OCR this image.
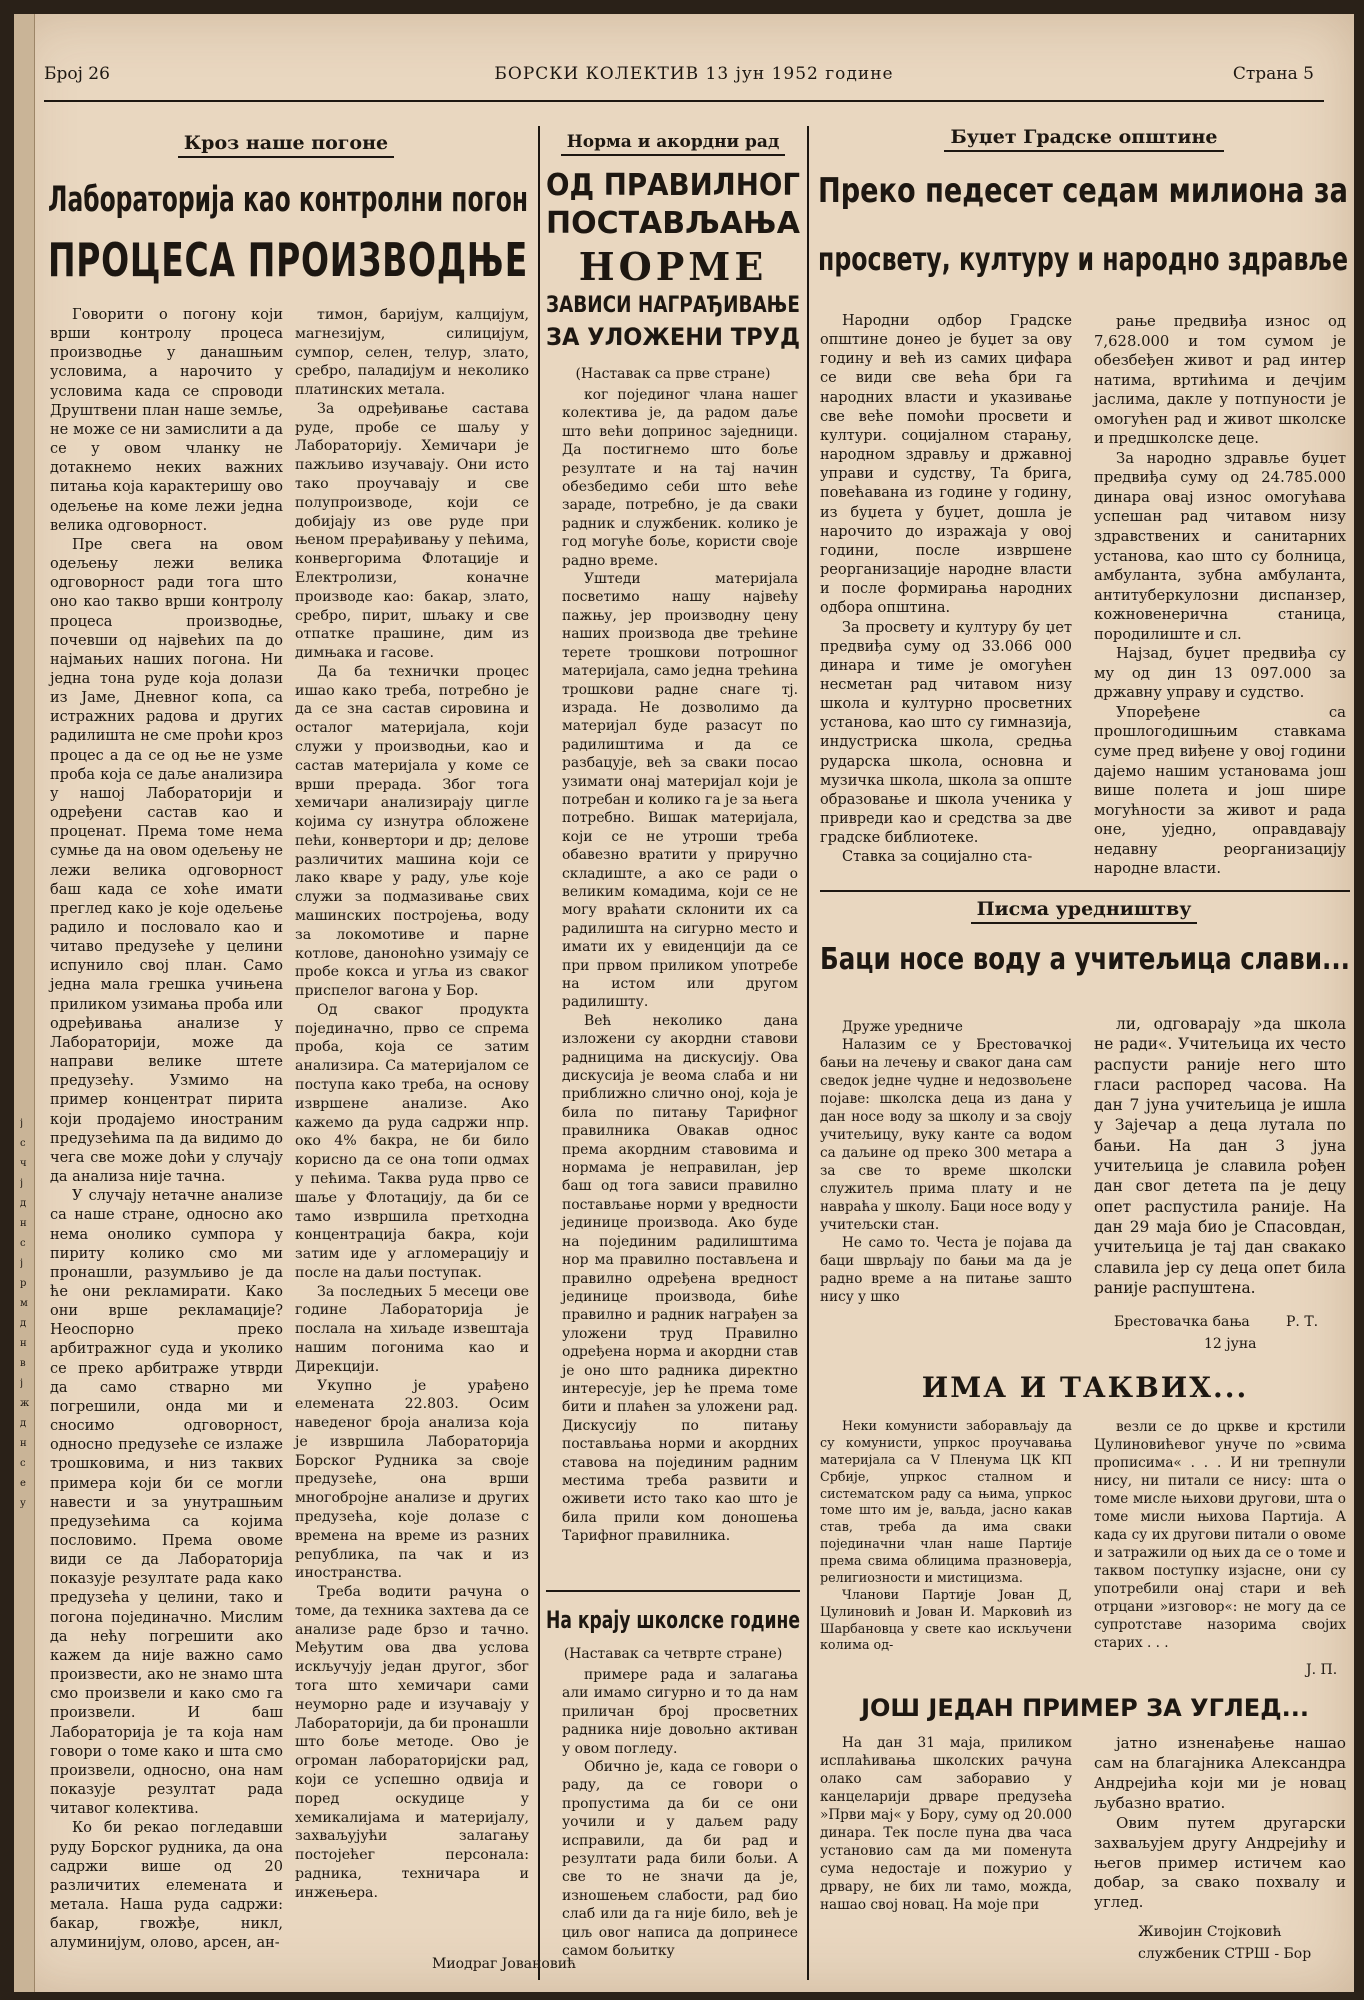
ј
с
ч
ј
д
н
с
ј
р
м
д
н
в
ј
ж
д
н
с
е
у
Број 26	БОРСКИ КОЛЕКТИВ 13 јун 1952 године	Страна 5
Кроз наше погоне
Лабораторија као контролни погон
ПРОЦЕСА ПРОИЗВОДЊЕ

Говорити о погону који врши контролу процеса производње у данашњим условима, а нарочито у условима када се спроводи Друштвени план наше земље, не може се ни замислити а да се у овом чланку не дотакнемо неких важних питања која карактеришу ово одељење на коме лежи једна велика одговорност.

Пре свега на овом одељењу лежи велика одговорност ради тога што оно као такво врши контролу процеса производње, почевши од највећих па до најмањих наших погона. Ни једна тона руде која долази из Јаме, Дневног копа, са истражних радова и других радилишта не сме проћи кроз процес а да се од ње не узме проба која се даље анализира у нашој Лабораторији и одређени састав као и проценат. Према томе нема сумње да на овом одељењу не лежи велика одговорност баш када се хоће имати преглед како је које одељење радило и пословало као и читаво предузеће у целини испунило свој план. Само једна мала грешка учињена приликом узимања проба или одређивања анализе у Лабораторији, може да направи велике штете предузећу. Узмимо на пример концентрат пирита који продајемо иностраним предузећима па да видимо до чега све може доћи у случају да анализа није тачна.

У случају нетачне анализе са наше стране, односно ако нема онолико сумпора у пириту колико смо ми пронашли, разумљиво је да ће они рекламирати. Како они врше рекламације? Неоспорно преко арбитражног суда и уколико се преко арбитраже утврди да само стварно ми погрешили, онда ми и сносимо одговорност, односно предузеће се излаже трошковима, и низ таквих примера који би се могли навести и за унутрашњим предузећима са којима пословимо. Према овоме види се да Лабораторија показује резултате рада како предузећа у целини, тако и погона појединачно. Мислим да нећу погрешити ако кажем да није важно само произвести, ако не знамо шта смо произвели и како смо га произвели. И баш Лабораторија је та која нам говори о томе како и шта смо произвели, односно, она нам показује резултат рада читавог колектива.

Ко би рекао погледавши руду Борског рудника, да она садржи више од 20 различитих елемената и метала. Наша руда садржи: бакар, гвожђе, никл, алуминијум, олово, арсен, ан-

тимон, баријум, калцијум, магнезијум, силицијум, сумпор, селен, телур, злато, сребро, паладијум и неколико платинских метала.

За одређивање састава руде, пробе се шаљу у Лабораторију. Хемичари је пажљиво изучавају. Они исто тако проучавају и све полупроизводе, који се добијају из ове руде при њеном прерађивању у пећима, конвергорима Флотације и Електролизи, коначне производе као: бакар, злато, сребро, пирит, шљаку и све отпатке прашине, дим из димњака и гасове.

Да ба технички процес ишао како треба, потребно је да се зна састав сировина и осталог материјала, који служи у производњи, као и састав материјала у коме се врши прерада. Због тога хемичари анализирају цигле којима су изнутра обложене пећи, конвертори и др; делове различитих машина који се лако кваре у раду, уље које служи за подмазивање свих машинских постројења, воду за локомотиве и парне котлове, даноноћно узимају се пробе кокса и угља из сваког приспелог вагона у Бор.

Од сваког продукта појединачно, прво се спрема проба, која се затим анализира. Са материјалом се поступа како треба, на основу извршене анализе. Ако кажемо да руда садржи нпр. око 4% бакра, не би било корисно да се она топи одмах у пећима. Таква руда прво се шаље у Флотацију, да би се тамо извршила претходна концентрација бакра, који затим иде у агломерацију и после на даљи поступак.

За последњих 5 месеци ове године Лабораторија је послала на хиљаде извештаја нашим погонима као и Дирекцији.

Укупно је урађено елемената 22.803. Осим наведеног броја анализа која је извршила Лабораторија Борског Рудника за своје предузеће, она врши многобројне анализе и других предузећа, које долазе с времена на време из разних република, па чак и из иностранства.

Треба водити рачуна о томе, да техника захтева да се анализе раде брзо и тачно. Међутим ова два услова искључују један другог, због тога што хемичари сами неуморно раде и изучавају у Лабораторији, да би пронашли што боље методе. Ово је огроман лабораторијски рад, који се успешно одвија и поред оскудице у хемикалијама и материјалу, захваљујући залагању постојећег персонала: радника, техничара и инжењера.

Миодраг Јовановић
Норма и акордни рад
ОД ПРАВИЛНОГ
ПОСТАВЉАЊА
НОРМЕ
ЗАВИСИ НАГРАЂИВАЊЕ
ЗА УЛОЖЕНИ ТРУД
(Наставак са прве стране)

ког појединог члана нашег колектива је, да радом даље што већи допринос заједници. Да постигнемо што боље резултате и на тај начин обезбедимо себи што веће зараде, потребно, је да сваки радник и службеник. колико је год могуће боље, користи своје радно време.

Уштеди материјала посветимо нашу највећу пажњу, јер производну цену наших производа две трећине терете трошкови потрошног материјала, само једна трећина трошкови радне снаге тј. израда. Не дозволимо да материјал буде разасут по радилиштима и да се разбацује, већ за сваки посао узимати онај материјал који је потребан и колико га је за њега потребно. Вишак материјала, који се не утроши треба обавезно вратити у приручно складиште, а ако се ради о великим комадима, који се не могу враћати склонити их са радилишта на сигурно место и имати их у евиденцији да се при првом приликом употребе на истом или другом радилишту.

Већ неколико дана изложени су акордни ставови радницима на дискусију. Ова дискусија је веома слаба и ни приближно слично оној, која је била по питању Тарифног правилника Овакав однос према акордним ставовима и нормама је неправилан, јер баш од тога зависи правилно постављање норми у вредности јединице производа. Ако буде на појединим радилиштима нор ма правилно постављена и правилно одређена вредност јединице производа, биће правилно и радник награђен за уложени труд Правилно одређена норма и акордни став је оно што радника директно интересује, јер ће према томе бити и плаћен за уложени рад. Дискусију по питању постављања норми и акордних ставова на појединим радним местима треба развити и оживети исто тако као што је била прили ком доношења Тарифног правилника.

На крају школске године
(Наставак са четврте стране)

примере рада и залагања али имамо сигурно и то да нам приличан број просветних радника није довољно активан у овом погледу.

Обично је, када се говори о раду, да се говори о пропустима да би се они уочили и у даљем раду исправили, да би рад и резултати рада били бољи. А све то не значи да је, изношењем слабости, рад био слаб или да га није било, већ је циљ овог написа да допринесе самом бољитку

Буџет Градске општине
Преко педесет седам милиона за
просвету, културу и народно здравље

Народни одбор Градске општине донео је буџет за ову годину и већ из самих цифара се види све већа бри га народних власти и указивање све веће помоћи просвети и култури. социјалном старању, народном здрављу и државној управи и судству, Та брига, повећавана из године у годину, из буџета у буџет, дошла је нарочито до изражаја у овој години, после извршене реорганизације народне власти и после формирања народних одбора општина.

За просвету и културу бу џет предвиђа суму од 33.066 000 динара и тиме је омогућен несметан рад читавом низу школа и културно просветних установа, као што су гимназија, индустриска школа, средња рударска школа, основна и музичка школа, школа за опште образовање и школа ученика у привреди као и средства за две градске библиотеке.

Ставка за социјално ста-

рање предвиђа износ од 7,628.000 и том сумом је обезбеђен живот и рад интер натима, вртићима и дечјим јаслима, дакле у потпуности је омогућен рад и живот школске и предшколске деце.

За народно здравље буџет предвиђа суму од 24.785.000 динара овај износ омогућава успешан рад читавом низу здравствених и санитарних установа, као што су болница, амбуланта, зубна амбуланта, антитуберкулозни диспанзер, кожновенерична станица, породилиште и сл.

Најзад, буџет предвиђа су му од дин 13 097.000 за државну управу и судство.

Упоређене са прошлогодишњим ставкама суме пред виђене у овој години дајемо нашим установама још више полета и још шире могућности за живот и рада оне, уједно, оправдавају недавну реорганизацију народне власти.

Писма уредништву
Баци носе воду а учитељица слави...

Друже уредниче

Налазим се у Брестовачкој бањи на лечењу и сваког дана сам сведок једне чудне и недозвољене појаве: школска деца из дана у дан носе воду за школу и за своју учитељицу, вуку канте са водом са даљине од преко 300 метара а за све то време школски служитељ прима плату и не навраћа у школу. Баци носе воду у учитељски стан.

Не само то. Честа је појава да баци шврљају по бањи ма да је радно време а на питање зашто нису у шко

ли, одговарају »да школа не ради«. Учитељица их често распусти раније него што гласи распоред часова. На дан 7 јуна учитељица је ишла у Зајечар а деца лутала по бањи. На дан 3 јуна учитељица је славила рођен дан свог детета па је децу опет распустила раније. На дан 29 маја био је Спасовдан, учитељица је тај дан свакако славила јер су деца опет била раније распуштена.

Брестовачка бања
12 јуна
Р. Т.
ИМА И ТАКВИХ...

Неки комунисти заборављају да су комунисти, упркос проучавања материјала са V Пленума ЦК КП Србије, упркос сталном и систематском раду са њима, упркос томе што им је, ваљда, јасно какав став, треба да има сваки појединачни члан наше Партије према свима облицима празноверја, религиозности и мистицизма.

Чланови Партије Јован Д, Цулиновић и Јован И. Марковић из Шарбановца у свете као искључени колима од-

везли се до цркве и крстили Цулиновићевог унуче по »свима прописима« . . . И ни трепнули нису, ни питали се нису: шта о томе мисле њихови другови, шта о томе мисли њихова Партија. А када су их другови питали о овоме и затражили од њих да се о томе и таквом поступку изјасне, они су употребили онај стари и већ отрцани »изговор«: не могу да се супротставе назорима својих старих . . .

Ј. П.
ЈОШ ЈЕДАН ПРИМЕР ЗА УГЛЕД...

На дан 31 маја, приликом исплаћивања школских рачуна олако сам заборавио у канцеларији дрваре предузећа »Први мај« у Бору, суму од 20.000 динара. Тек после пуна два часа установио сам да ми поменута сума недостаје и пожурио у дрвару, не бих ли тамо, можда, нашао свој новац. На моје при

јатно изненађење нашао сам на благајника Александра Андрејића који ми је новац љубазно вратио.

Овим путем другарски захваљујем другу Андрејићу и његов пример истичем као добар, за свако похвалу и углед.

Живојин Стојковић
службеник СТРШ - Бор
